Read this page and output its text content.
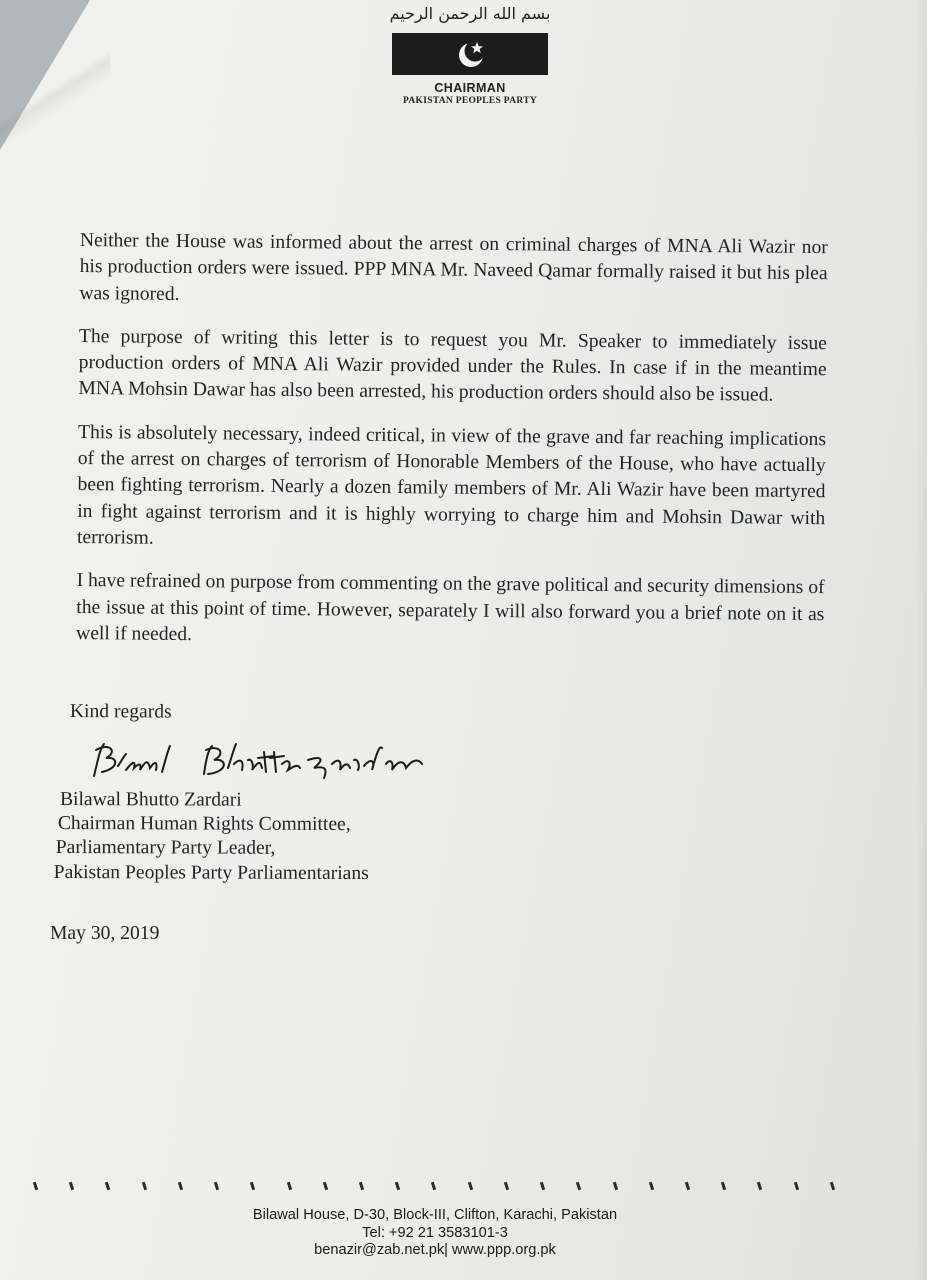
بسم الله الرحمن الرحيم
CHAIRMAN
PAKISTAN PEOPLES PARTY

Neither the House was informed about the arrest on criminal charges of MNA Ali Wazir nor his production orders were issued. PPP MNA Mr. Naveed Qamar formally raised it but his plea was ignored.

The purpose of writing this letter is to request you Mr. Speaker to immediately issue production orders of MNA Ali Wazir provided under the Rules. In case if in the meantime MNA Mohsin Dawar has also been arrested, his production orders should also be issued.

This is absolutely necessary, indeed critical, in view of the grave and far reaching implications of the arrest on charges of terrorism of Honorable Members of the House, who have actually been fighting terrorism. Nearly a dozen family members of Mr. Ali Wazir have been martyred in fight against terrorism and it is highly worrying to charge him and Mohsin Dawar with terrorism.

I have refrained on purpose from commenting on the grave political and security dimensions of the issue at this point of time. However, separately I will also forward you a brief note on it as well if needed.

Kind regards
Bilawal Bhutto Zardari
Chairman Human Rights Committee,
Parliamentary Party Leader,
Pakistan Peoples Party Parliamentarians
May 30, 2019
Bilawal House, D-30, Block-III, Clifton, Karachi, Pakistan
Tel: +92 21 3583101-3
benazir@zab.net.pk| www.ppp.org.pk
